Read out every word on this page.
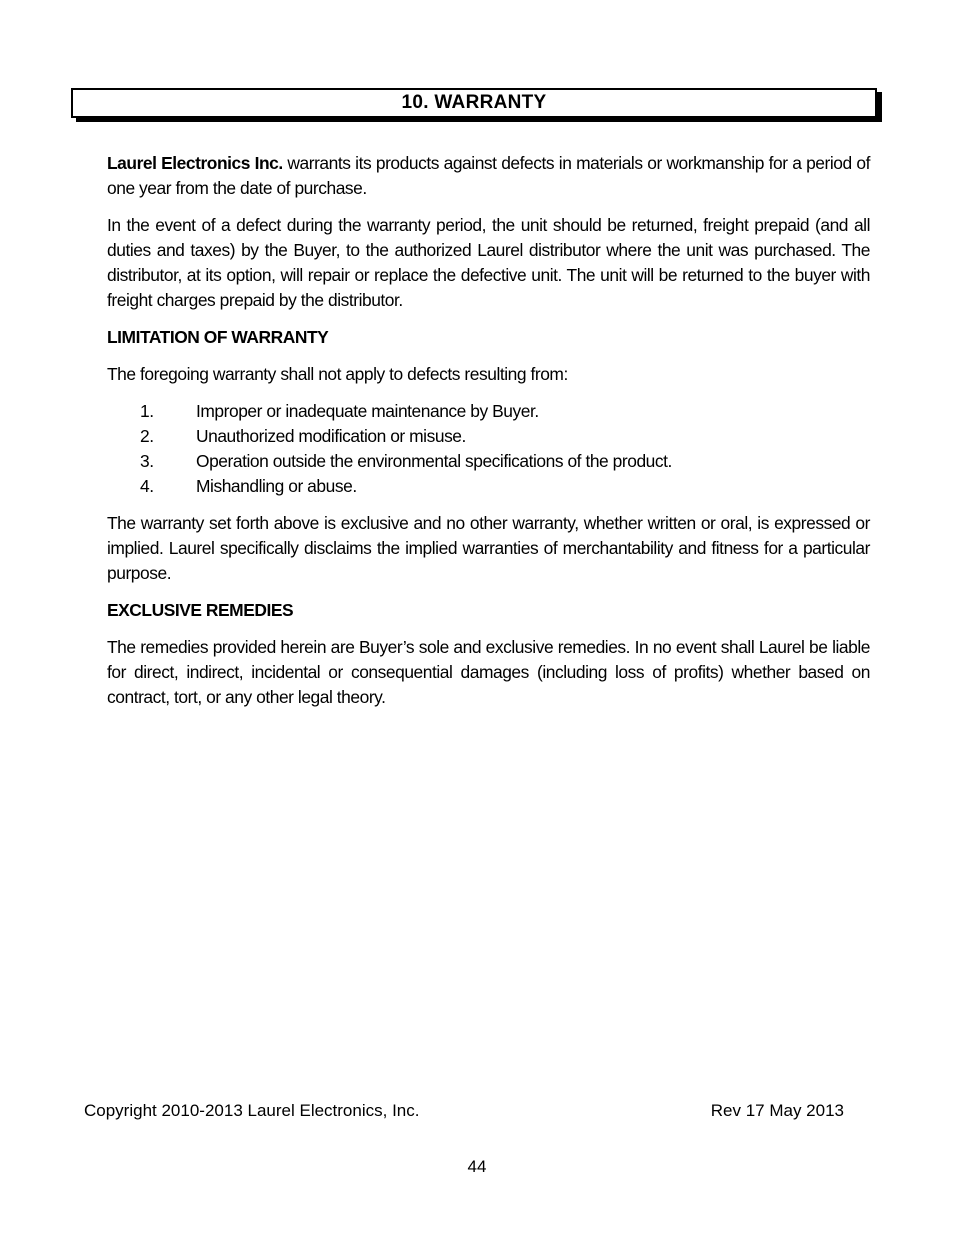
10. WARRANTY

Laurel Electronics Inc. warrants its products against defects in materials or workmanship for a period of one year from the date of purchase.

In the event of a defect during the warranty period, the unit should be returned, freight prepaid (and all duties and taxes) by the Buyer, to the authorized Laurel distributor where the unit was purchased. The distributor, at its option, will repair or replace the defective unit. The unit will be returned to the buyer with freight charges prepaid by the distributor.

LIMITATION OF WARRANTY

The foregoing warranty shall not apply to defects resulting from:

1.	Improper or inadequate maintenance by Buyer.
2.	Unauthorized modification or misuse.
3.	Operation outside the environmental specifications of the product.
4.	Mishandling or abuse.

The warranty set forth above is exclusive and no other warranty, whether written or oral, is expressed or implied. Laurel specifically disclaims the implied warranties of merchantability and fitness for a particular purpose.

EXCLUSIVE REMEDIES

The remedies provided herein are Buyer’s sole and exclusive remedies. In no event shall Laurel be liable for direct, indirect, incidental or consequential damages (including loss of profits) whether based on contract, tort, or any other legal theory.

Copyright 2010-2013 Laurel Electronics, Inc.	Rev 17 May 2013
44
